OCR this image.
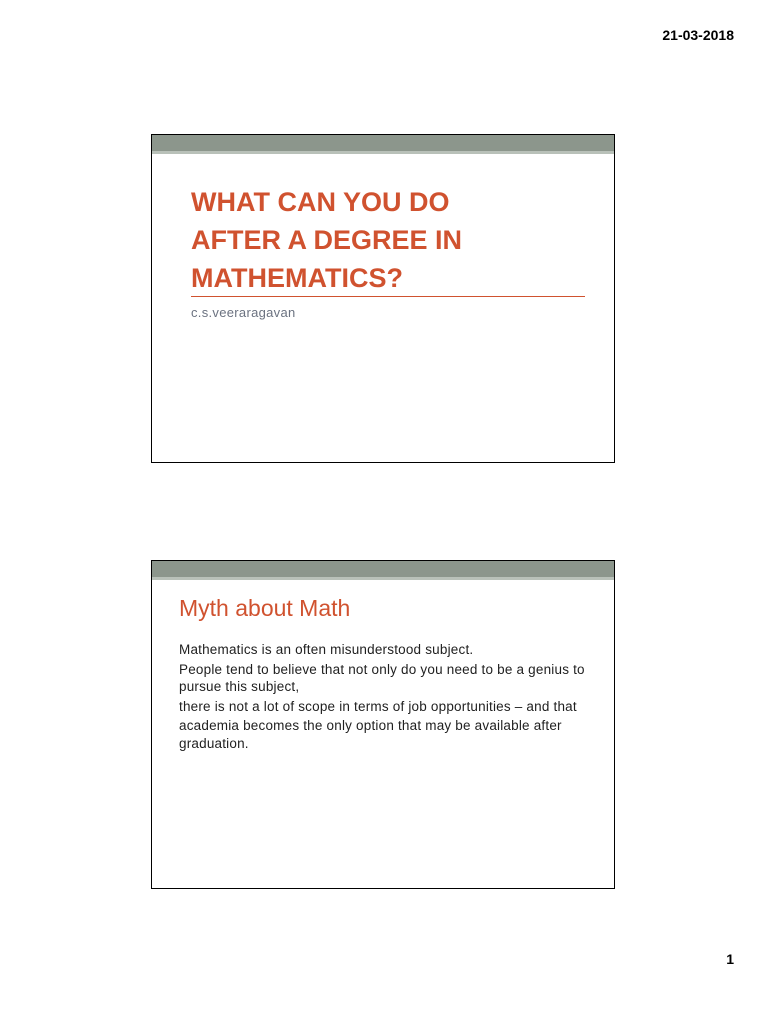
21-03-2018
WHAT CAN YOU DO
AFTER A DEGREE IN
MATHEMATICS?
c.s.veeraragavan
Myth about Math
Mathematics is an often misunderstood subject.
People tend to believe that not only do you need to be a genius to pursue this subject,
there is not a lot of scope in terms of job opportunities – and that
academia becomes the only option that may be available after graduation.
1
